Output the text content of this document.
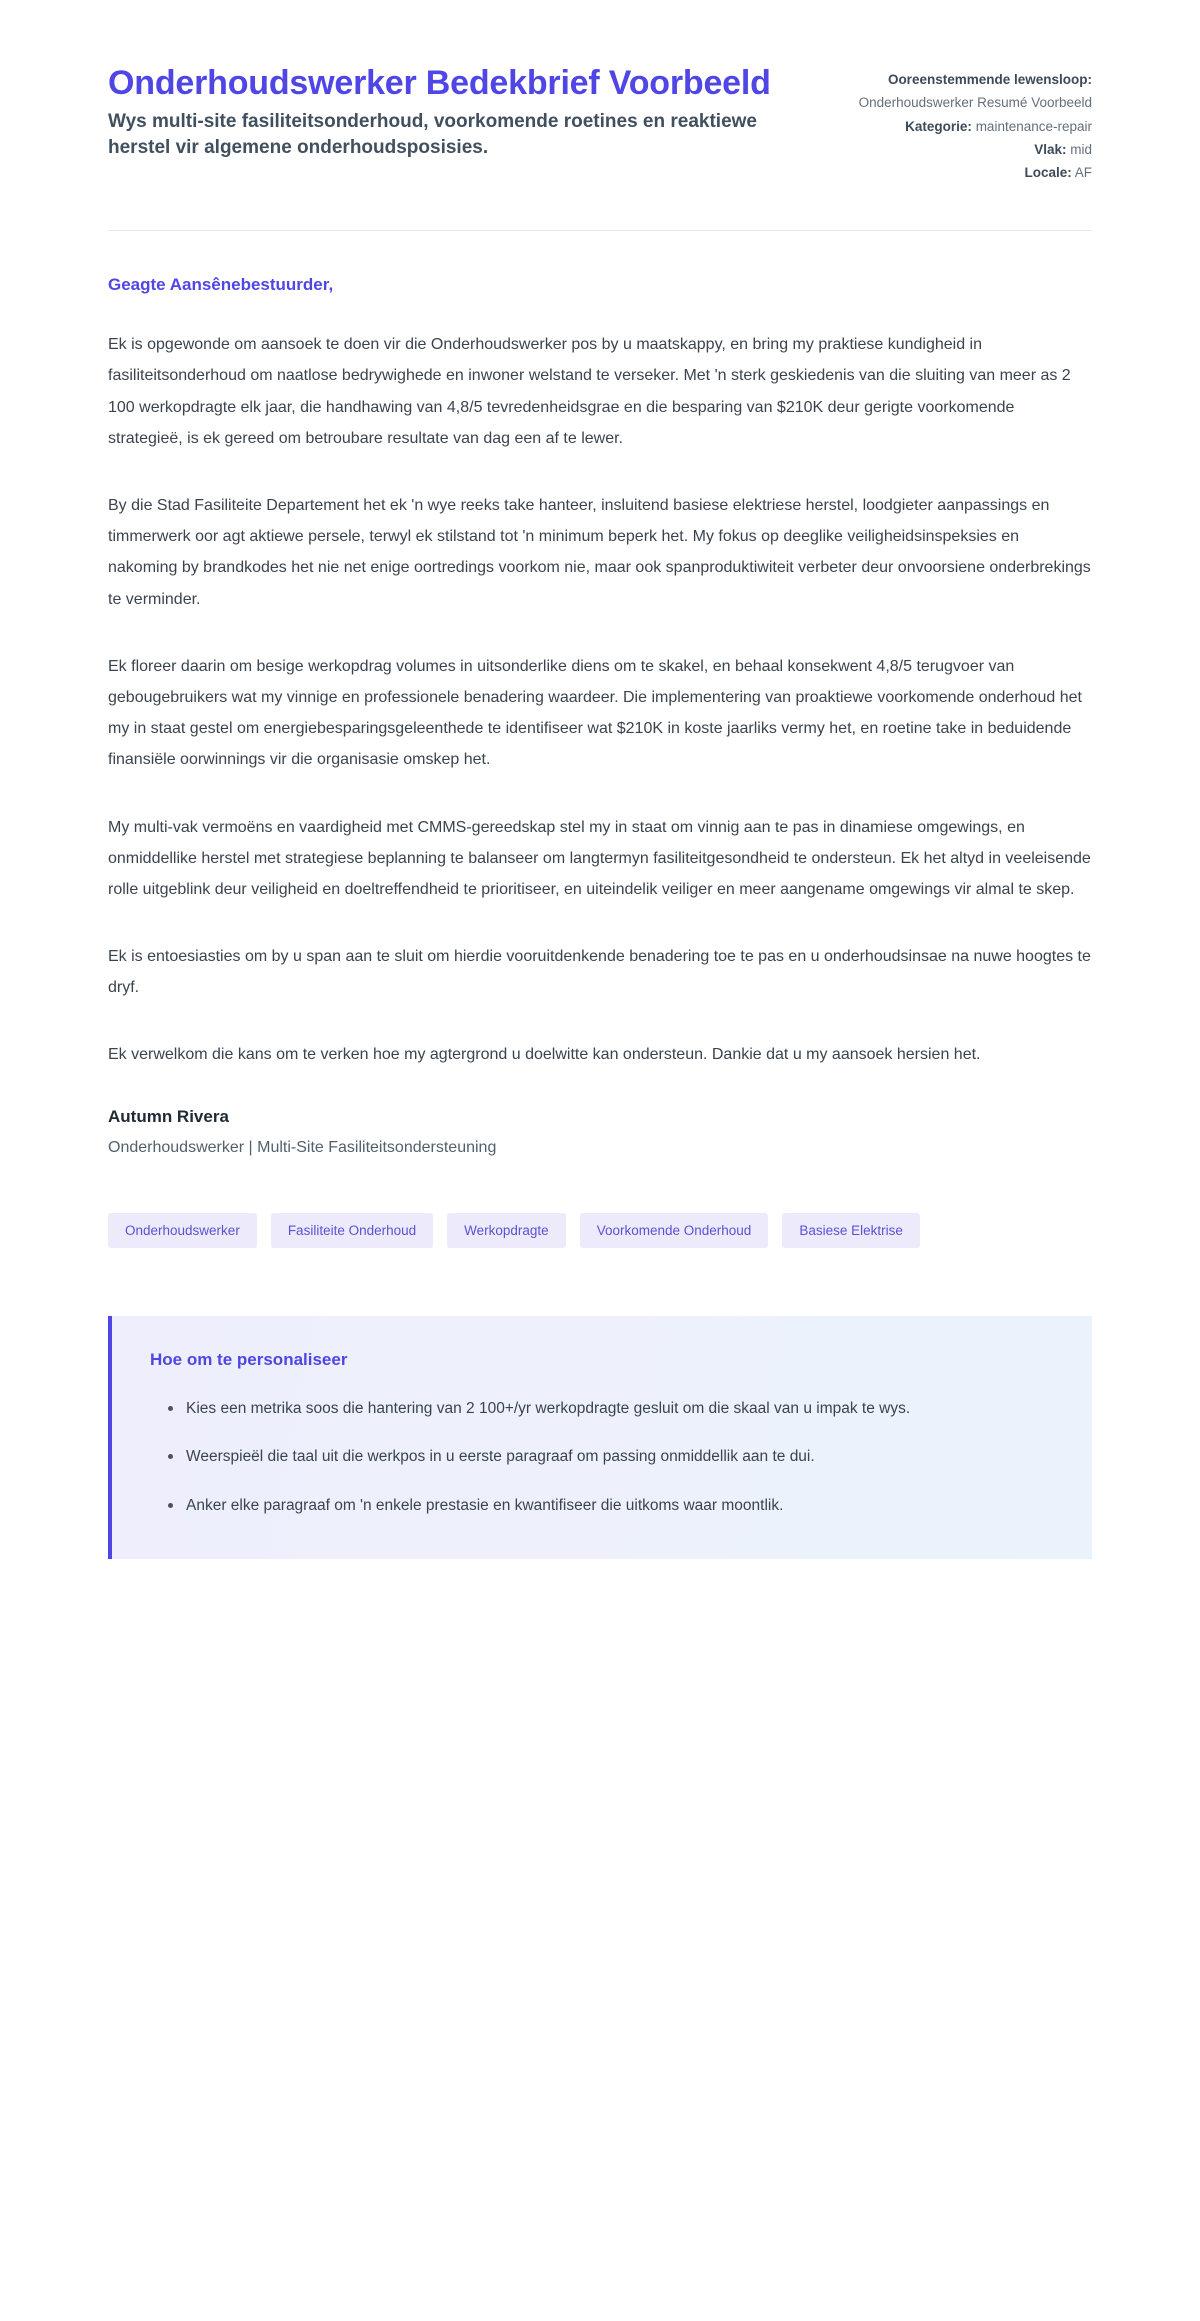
Onderhoudswerker Bedekbrief Voorbeeld

Wys multi-site fasiliteitsonderhoud, voorkomende roetines en reaktiewe herstel vir algemene onderhoudsposisies.

Ooreenstemmende lewensloop:
Onderhoudswerker Resumé Voorbeeld
Kategorie: maintenance-repair
Vlak: mid
Locale: AF

Geagte Aansênebestuurder,

Ek is opgewonde om aansoek te doen vir die Onderhoudswerker pos by u maatskappy, en bring my praktiese kundigheid in fasiliteitsonderhoud om naatlose bedrywighede en inwoner welstand te verseker. Met 'n sterk geskiedenis van die sluiting van meer as 2 100 werkopdragte elk jaar, die handhawing van 4,8/5 tevredenheidsgrae en die besparing van $210K deur gerigte voorkomende strategieë, is ek gereed om betroubare resultate van dag een af te lewer.

By die Stad Fasiliteite Departement het ek 'n wye reeks take hanteer, insluitend basiese elektriese herstel, loodgieter aanpassings en timmerwerk oor agt aktiewe persele, terwyl ek stilstand tot 'n minimum beperk het. My fokus op deeglike veiligheidsinspeksies en nakoming by brandkodes het nie net enige oortredings voorkom nie, maar ook spanproduktiwiteit verbeter deur onvoorsiene onderbrekings te verminder.

Ek floreer daarin om besige werkopdrag volumes in uitsonderlike diens om te skakel, en behaal konsekwent 4,8/5 terugvoer van gebougebruikers wat my vinnige en professionele benadering waardeer. Die implementering van proaktiewe voorkomende onderhoud het my in staat gestel om energiebesparingsgeleenthede te identifiseer wat $210K in koste jaarliks vermy het, en roetine take in beduidende finansiële oorwinnings vir die organisasie omskep het.

My multi-vak vermoëns en vaardigheid met CMMS-gereedskap stel my in staat om vinnig aan te pas in dinamiese omgewings, en onmiddellike herstel met strategiese beplanning te balanseer om langtermyn fasiliteitgesondheid te ondersteun. Ek het altyd in veeleisende rolle uitgeblink deur veiligheid en doeltreffendheid te prioritiseer, en uiteindelik veiliger en meer aangename omgewings vir almal te skep.

Ek is entoesiasties om by u span aan te sluit om hierdie vooruitdenkende benadering toe te pas en u onderhoudsinsae na nuwe hoogtes te dryf.

Ek verwelkom die kans om te verken hoe my agtergrond u doelwitte kan ondersteun. Dankie dat u my aansoek hersien het.

Autumn Rivera

Onderhoudswerker | Multi-Site Fasiliteitsondersteuning

Onderhoudswerker	Fasiliteite Onderhoud	Werkopdragte	Voorkomende Onderhoud	Basiese Elektrise

Hoe om te personaliseer

Kies een metrika soos die hantering van 2 100+/yr werkopdragte gesluit om die skaal van u impak te wys.
Weerspieël die taal uit die werkpos in u eerste paragraaf om passing onmiddellik aan te dui.
Anker elke paragraaf om 'n enkele prestasie en kwantifiseer die uitkoms waar moontlik.
